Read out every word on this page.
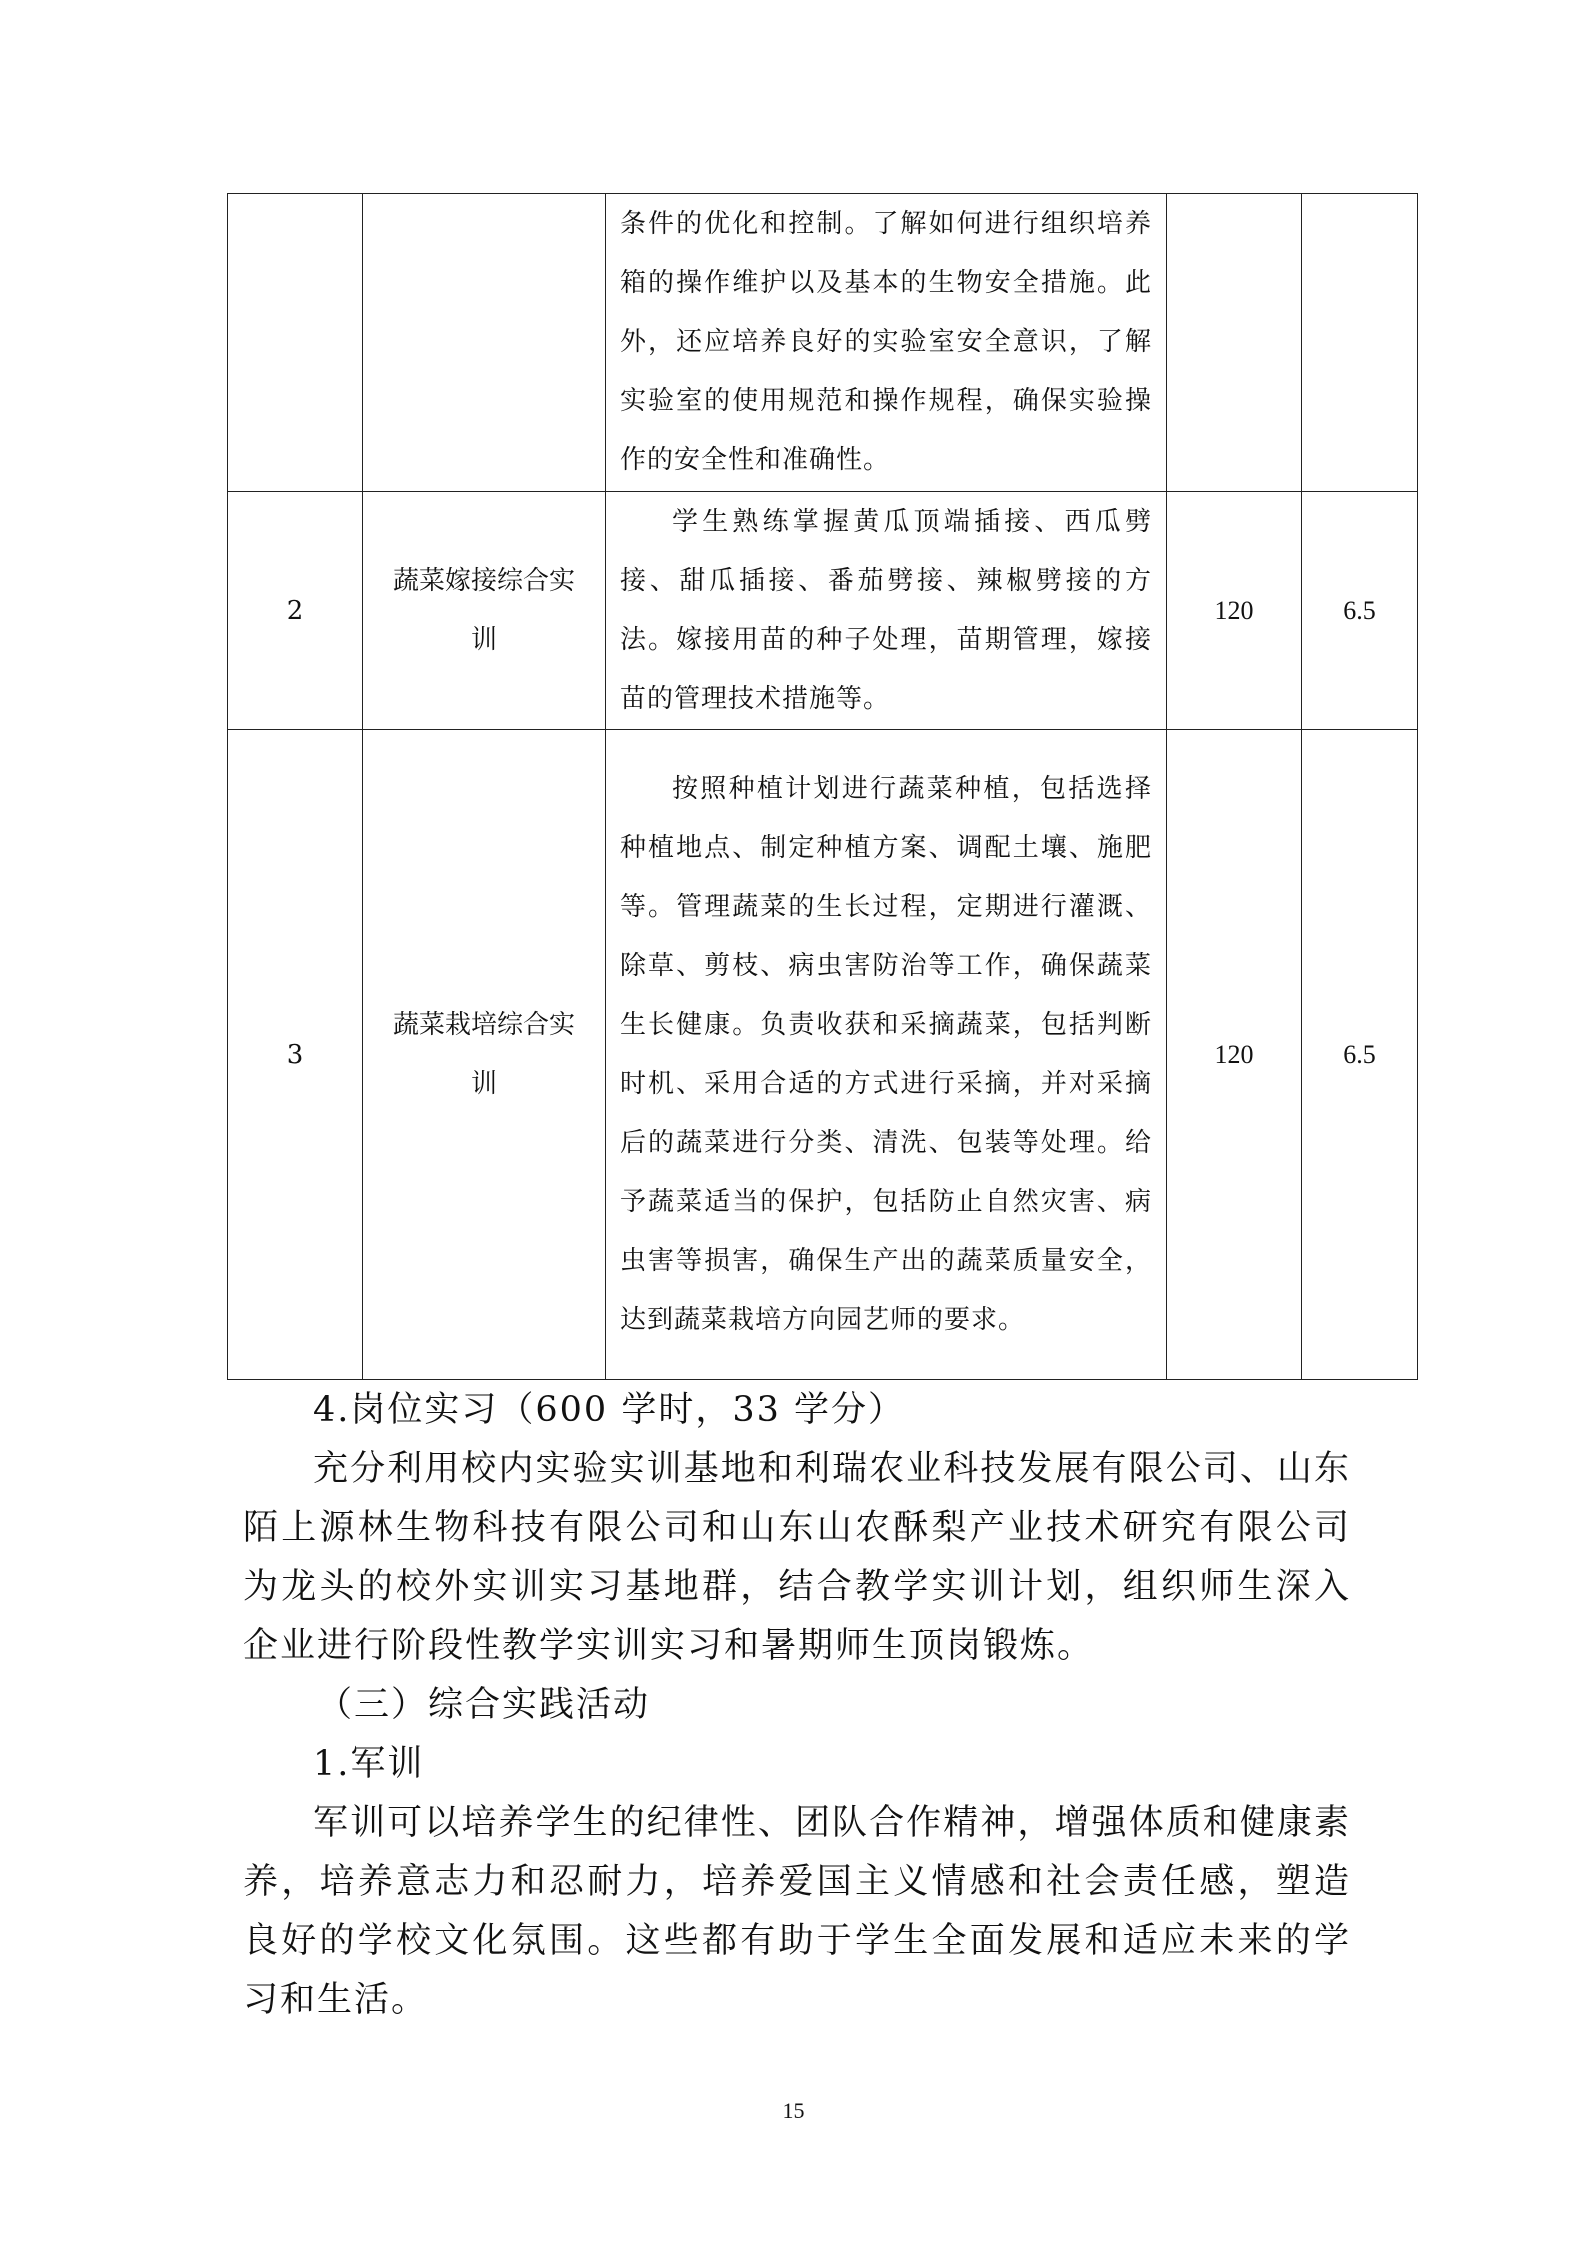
		条件的优化和控制。了解如何进行组织培养箱的操作维护以及基本的生物安全措施。此外，还应培养良好的实验室安全意识，了解实验室的使用规范和操作规程，确保实验操作的安全性和准确性。		
2	蔬菜嫁接综合实训	学生熟练掌握黄瓜顶端插接、西瓜劈接、甜瓜插接、番茄劈接、辣椒劈接的方法。嫁接用苗的种子处理，苗期管理，嫁接苗的管理技术措施等。	120	6.5
3	蔬菜栽培综合实训	按照种植计划进行蔬菜种植，包括选择种植地点、制定种植方案、调配土壤、施肥等。管理蔬菜的生长过程，定期进行灌溉、除草、剪枝、病虫害防治等工作，确保蔬菜生长健康。负责收获和采摘蔬菜，包括判断时机、采用合适的方式进行采摘，并对采摘后的蔬菜进行分类、清洗、包装等处理。给予蔬菜适当的保护，包括防止自然灾害、病虫害等损害，确保生产出的蔬菜质量安全，达到蔬菜栽培方向园艺师的要求。	120	6.5

4.岗位实习（600 学时，33 学分）

充分利用校内实验实训基地和利瑞农业科技发展有限公司、山东陌上源林生物科技有限公司和山东山农酥梨产业技术研究有限公司为龙头的校外实训实习基地群，结合教学实训计划，组织师生深入企业进行阶段性教学实训实习和暑期师生顶岗锻炼。

（三）综合实践活动

1.军训

军训可以培养学生的纪律性、团队合作精神，增强体质和健康素养，培养意志力和忍耐力，培养爱国主义情感和社会责任感，塑造良好的学校文化氛围。这些都有助于学生全面发展和适应未来的学习和生活。

15
